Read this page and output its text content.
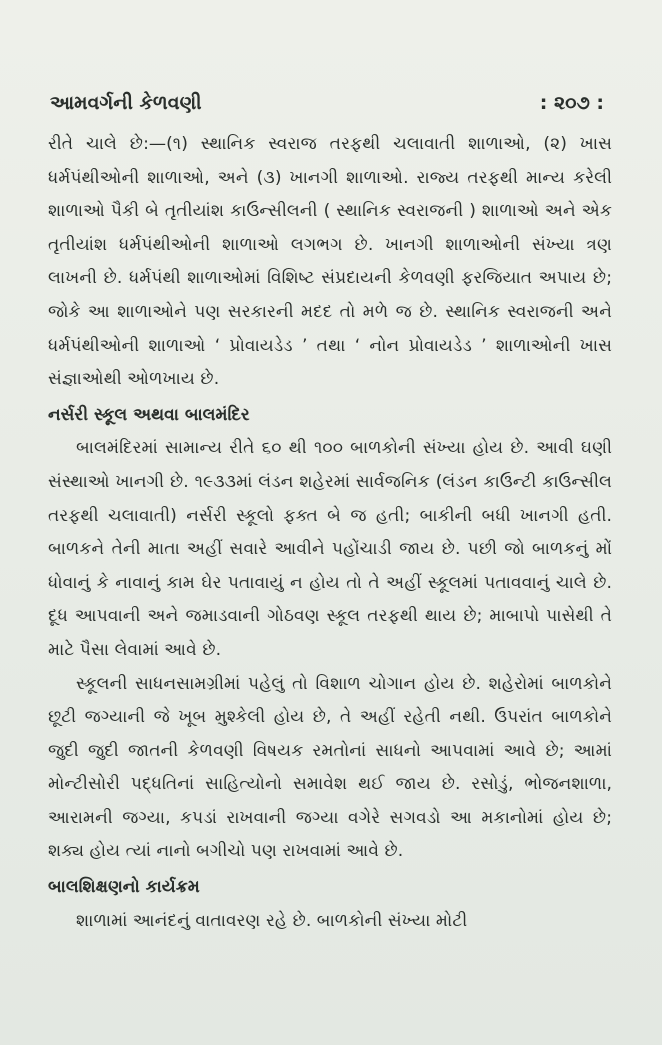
આમવર્ગની કેળવણી	: ૨૦૭ :

રીતે ચાલે છે:—(૧) સ્થાનિક સ્વરાજ તરફથી ચલાવાતી શાળાઓ, (૨) ખાસ ધર્મપંથીઓની શાળાઓ, અને (૩) ખાનગી શાળાઓ. રાજ્ય તરફથી માન્ય કરેલી શાળાઓ પૈકી બે તૃતીયાંશ કાઉન્સીલની ( સ્થાનિક સ્વરાજની ) શાળાઓ અને એક તૃતીયાંશ ધર્મપંથીઓની શાળાઓ લગભગ છે. ખાનગી શાળાઓની સંખ્યા ત્રણ લાખની છે. ધર્મપંથી શાળાઓમાં વિશિષ્ટ સંપ્રદાયની કેળવણી ફરજિયાત અપાય છે; જોકે આ શાળાઓને પણ સરકારની મદદ તો મળે જ છે. સ્થાનિક સ્વરાજની અને ધર્મપંથીઓની શાળાઓ ‘ પ્રોવાયડેડ ’ તથા ‘ નોન પ્રોવાયડેડ ’ શાળાઓની ખાસ સંજ્ઞાઓથી ઓળખાય છે.

નર્સરી સ્કૂલ અથવા બાલમંદિર

બાલમંદિરમાં સામાન્ય રીતે ૬૦ થી ૧૦૦ બાળકોની સંખ્યા હોય છે. આવી ઘણી સંસ્થાઓ ખાનગી છે. ૧૯૩૩માં લંડન શહેરમાં સાર્વજનિક (લંડન કાઉન્ટી કાઉન્સીલ તરફથી ચલાવાતી) નર્સરી સ્કૂલો ફક્ત બે જ હતી; બાકીની બધી ખાનગી હતી. બાળકને તેની માતા અહીં સવારે આવીને પહોંચાડી જાય છે. પછી જો બાળકનું મોં ધોવાનું કે નાવાનું કામ ઘેર પતાવાયું ન હોય તો તે અહીં સ્કૂલમાં પતાવવાનું ચાલે છે. દૂધ આપવાની અને જમાડવાની ગોઠવણ સ્કૂલ તરફથી થાય છે; માબાપો પાસેથી તે માટે પૈસા લેવામાં આવે છે.

સ્કૂલની સાધનસામગ્રીમાં પહેલું તો વિશાળ ચોગાન હોય છે. શહેરોમાં બાળકોને છૂટી જગ્યાની જે ખૂબ મુશ્કેલી હોય છે, તે અહીં રહેતી નથી. ઉપરાંત બાળકોને જુદી જુદી જાતની કેળવણી વિષયક રમતોનાં સાધનો આપવામાં આવે છે; આમાં મોન્ટીસોરી પદ્ધતિનાં સાહિત્યોનો સમાવેશ થઈ જાય છે. રસોડું, ભોજનશાળા, આરામની જગ્યા, કપડાં રાખવાની જગ્યા વગેરે સગવડો આ મકાનોમાં હોય છે; શક્ય હોય ત્યાં નાનો બગીચો પણ રાખવામાં આવે છે.

બાલશિક્ષણનો કાર્યક્રમ

શાળામાં આનંદનું વાતાવરણ રહે છે. બાળકોની સંખ્યા મોટી
